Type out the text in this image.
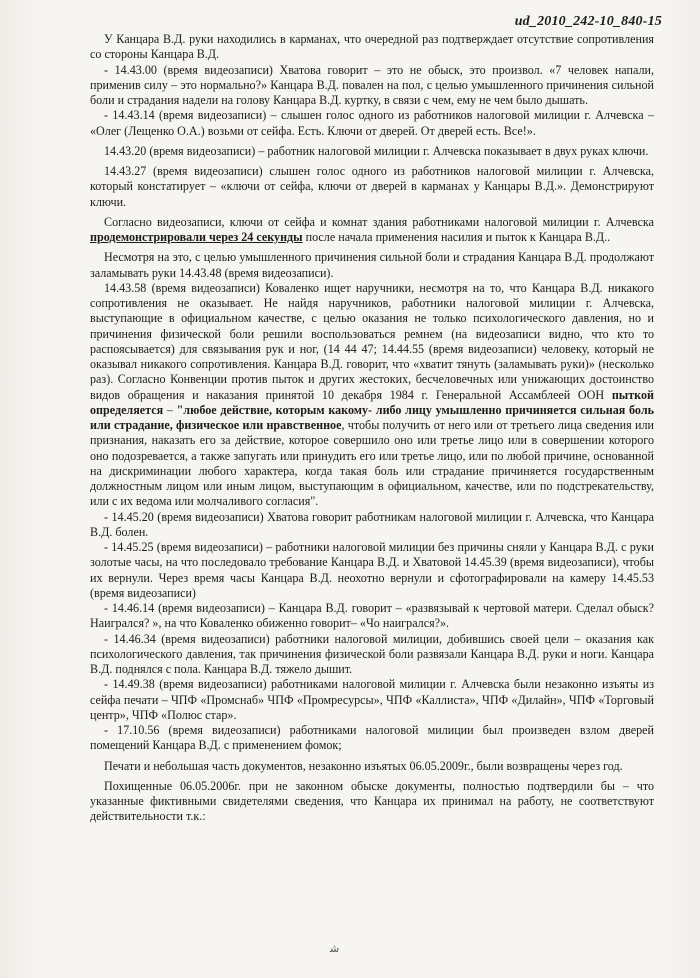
ud_2010_242-10_840-15

У Канцара В.Д. руки находились в карманах, что очередной раз подтверждает отсутствие сопротивления со стороны Канцара В.Д.

- 14.43.00 (время видеозаписи) Хватова говорит – это не обыск, это произвол. «7 человек напали, применив силу – это нормально?» Канцара В.Д. повален на пол, с целью умышленного причинения сильной боли и страдания надели на голову Канцара В.Д. куртку, в связи с чем, ему не чем было дышать.

- 14.43.14 (время видеозаписи) – слышен голос одного из работников налоговой милиции г. Алчевска – «Олег (Лещенко О.А.) возьми от сейфа. Есть. Ключи от дверей. От дверей есть. Все!».

14.43.20 (время видеозаписи) – работник налоговой милиции г. Алчевска показывает в двух руках ключи.

14.43.27 (время видеозаписи) слышен голос одного из работников налоговой милиции г. Алчевска, который констатирует – «ключи от сейфа, ключи от дверей в карманах у Канцары В.Д.». Демонстрируют ключи.

Согласно видеозаписи, ключи от сейфа и комнат здания работниками налоговой милиции г. Алчевска продемонстрировали через 24 секунды после начала применения насилия и пыток к Канцара В.Д..

Несмотря на это, с целью умышленного причинения сильной боли и страдания Канцара В.Д. продолжают заламывать руки 14.43.48 (время видеозаписи).

14.43.58 (время видеозаписи) Коваленко ищет наручники, несмотря на то, что Канцара В.Д. никакого сопротивления не оказывает. Не найдя наручников, работники налоговой милиции г. Алчевска, выступающие в официальном качестве, с целью оказания не только психологического давления, но и причинения физической боли решили воспользоваться ремнем (на видеозаписи видно, что кто то распоясывается) для связывания рук и ног, (14 44 47; 14.44.55 (время видеозаписи) человеку, который не оказывал никакого сопротивления. Канцара В.Д. говорит, что «хватит тянуть (заламывать руки)» (несколько раз). Согласно Конвенции против пыток и других жестоких, бесчеловечных или унижающих достоинство видов обращения и наказания принятой 10 декабря 1984 г. Генеральной Ассамблеей ООН пыткой определяется – "любое действие, которым какому- либо лицу умышленно причиняется сильная боль или страдание, физическое или нравственное, чтобы получить от него или от третьего лица сведения или признания, наказать его за действие, которое совершило оно или третье лицо или в совершении которого оно подозревается, а также запугать или принудить его или третье лицо, или по любой причине, основанной на дискриминации любого характера, когда такая боль или страдание причиняется государственным должностным лицом или иным лицом, выступающим в официальном, качестве, или по подстрекательству, или с их ведома или молчаливого согласия".

- 14.45.20 (время видеозаписи) Хватова говорит работникам налоговой милиции г. Алчевска, что Канцара В.Д. болен.

- 14.45.25 (время видеозаписи) – работники налоговой милиции без причины сняли у Канцара В.Д. с руки золотые часы, на что последовало требование Канцара В.Д. и Хватовой 14.45.39 (время видеозаписи), чтобы их вернули. Через время часы Канцара В.Д. неохотно вернули и сфотографировали на камеру 14.45.53 (время видеозаписи)

- 14.46.14 (время видеозаписи) – Канцара В.Д. говорит – «развязывай к чертовой матери. Сделал обыск? Наигрался? », на что Коваленко обиженно говорит– «Чо наигрался?».

- 14.46.34 (время видеозаписи) работники налоговой милиции, добившись своей цели – оказания как психологического давления, так причинения физической боли развязали Канцара В.Д. руки и ноги. Канцара В.Д. поднялся с пола. Канцара В.Д. тяжело дышит.

- 14.49.38 (время видеозаписи) работниками налоговой милиции г. Алчевска были незаконно изъяты из сейфа печати – ЧПФ «Промснаб» ЧПФ «Промресурсы», ЧПФ «Каллиста», ЧПФ «Дилайн», ЧПФ «Торговый центр», ЧПФ «Полюс стар».

- 17.10.56 (время видеозаписи) работниками налоговой милиции был произведен взлом дверей помещений Канцара В.Д. с применением фомок;

Печати и небольшая часть документов, незаконно изъятых 06.05.2009г., были возвращены через год.

Похищенные 06.05.2006г. при не законном обыске документы, полностью подтвердили бы – что указанные фиктивными свидетелями сведения, что Канцара их принимал на работу, не соответствуют действительности т.к.:

ﺷ
